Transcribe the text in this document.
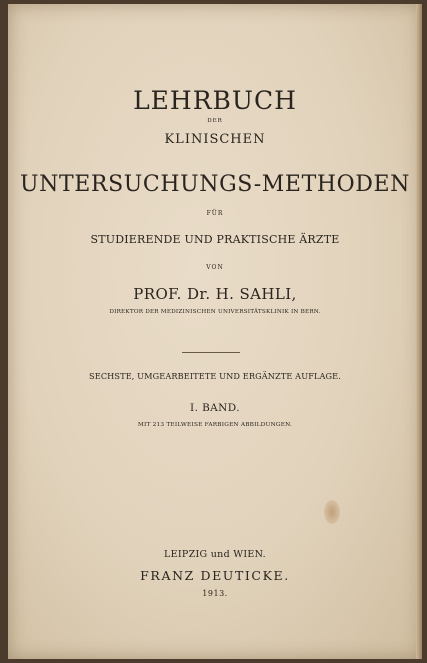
LEHRBUCH
DER
KLINISCHEN
UNTERSUCHUNGS-METHODEN
FÜR
STUDIERENDE UND PRAKTISCHE ÄRZTE
VON
PROF. Dr. H. SAHLI,
DIREKTOR DER MEDIZINISCHEN UNIVERSITÄTSKLINIK IN BERN.
SECHSTE, UMGEARBEITETE UND ERGÄNZTE AUFLAGE.
I. BAND.
MIT 213 TEILWEISE FARBIGEN ABBILDUNGEN.
LEIPZIG und WIEN.
FRANZ DEUTICKE.
1913.
